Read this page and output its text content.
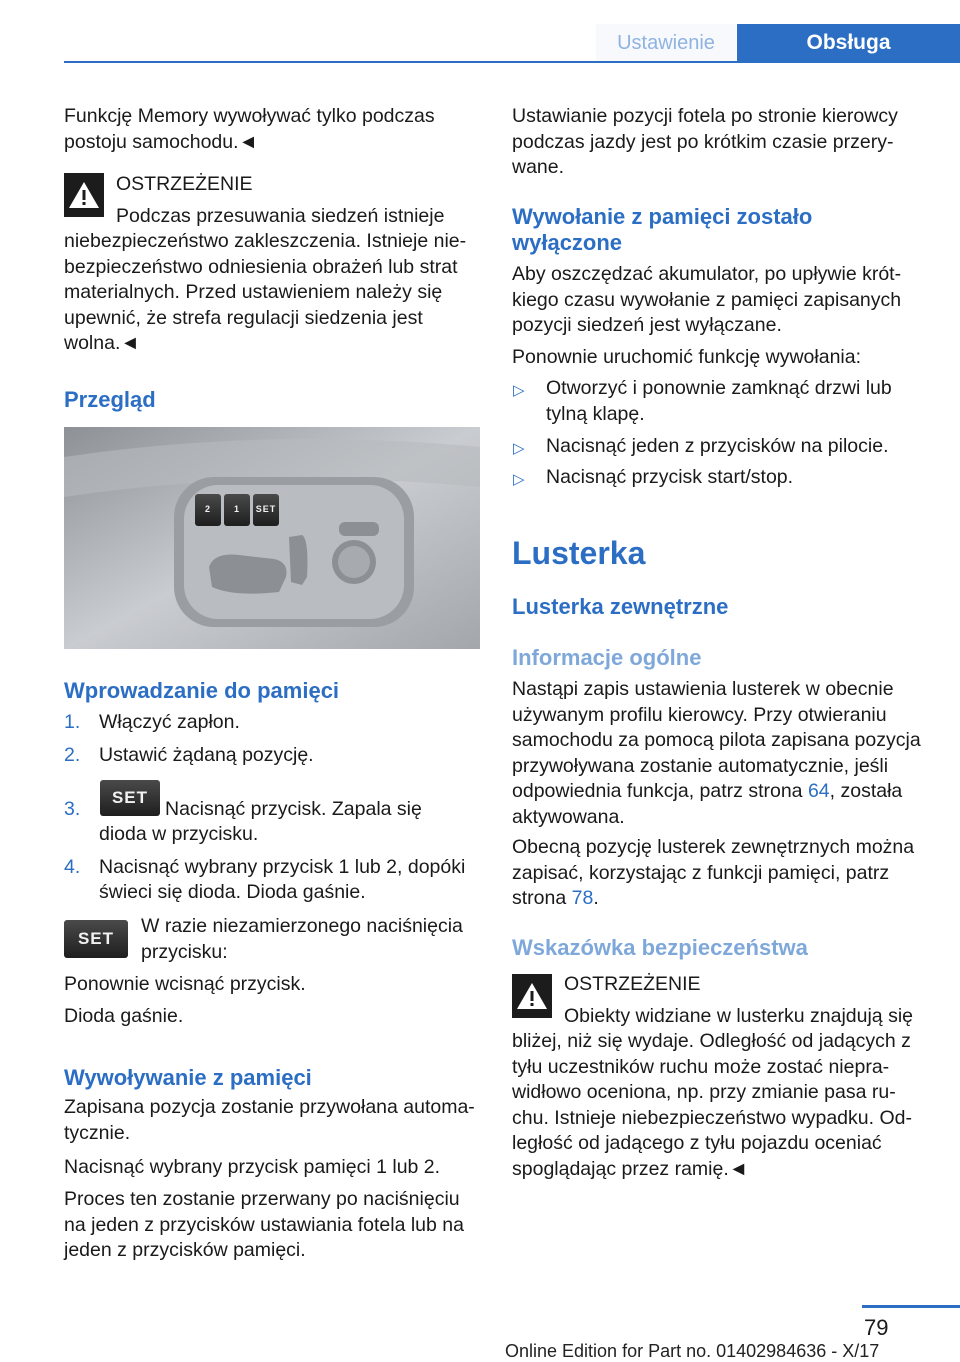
Ustawienie	Obsługa

Funkcję Memory wywoływać tylko podczas

postoju samochodu.◄

OSTRZEŻENIE
Podczas przesuwania siedzeń istnieje

niebezpieczeństwo zakleszczenia. Istnieje nie‐

bezpieczeństwo odniesienia obrażeń lub strat

materialnych. Przed ustawieniem należy się

upewnić, że strefa regulacji siedzenia jest

wolna.◄

Przegląd
2	1	SET
Wprowadzanie do pamięci
1. Włączyć zapłon.
2. Ustawić żądaną pozycję.
3.
SET
Nacisnąć przycisk. Zapala się
dioda w przycisku.
4. Nacisnąć wybrany przycisk 1 lub 2, dopóki
świeci się dioda. Dioda gaśnie.
SET

W razie niezamierzonego naciśnięcia

przycisku:

Ponownie wcisnąć przycisk.
Dioda gaśnie.
Wywoływanie z pamięci

Zapisana pozycja zostanie przywołana automa‐

tycznie.

Nacisnąć wybrany przycisk pamięci 1 lub 2.

Proces ten zostanie przerwany po naciśnięciu

na jeden z przycisków ustawiania fotela lub na

jeden z przycisków pamięci.

Ustawianie pozycji fotela po stronie kierowcy

podczas jazdy jest po krótkim czasie przery‐

wane.

Wywołanie z pamięci zostało
wyłączone

Aby oszczędzać akumulator, po upływie krót‐

kiego czasu wywołanie z pamięci zapisanych

pozycji siedzeń jest wyłączane.

Ponownie uruchomić funkcję wywołania:
▷ Otworzyć i ponownie zamknąć drzwi lub

tylną klapę.

▷ Nacisnąć jeden z przycisków na pilocie.
▷ Nacisnąć przycisk start/stop.
Lusterka
Lusterka zewnętrzne
Informacje ogólne

Nastąpi zapis ustawienia lusterek w obecnie

używanym profilu kierowcy. Przy otwieraniu

samochodu za pomocą pilota zapisana pozycja

przywoływana zostanie automatycznie, jeśli

odpowiednia funkcja, patrz strona 64, została

aktywowana.

Obecną pozycję lusterek zewnętrznych można

zapisać, korzystając z funkcji pamięci, patrz

strona 78.

Wskazówka bezpieczeństwa
OSTRZEŻENIE
Obiekty widziane w lusterku znajdują się

bliżej, niż się wydaje. Odległość od jadących z

tyłu uczestników ruchu może zostać niepra‐

widłowo oceniona, np. przy zmianie pasa ru‐

chu. Istnieje niebezpieczeństwo wypadku. Od‐

ległość od jadącego z tyłu pojazdu oceniać

spoglądając przez ramię.◄

79
Online Edition for Part no. 01402984636 - X/17
